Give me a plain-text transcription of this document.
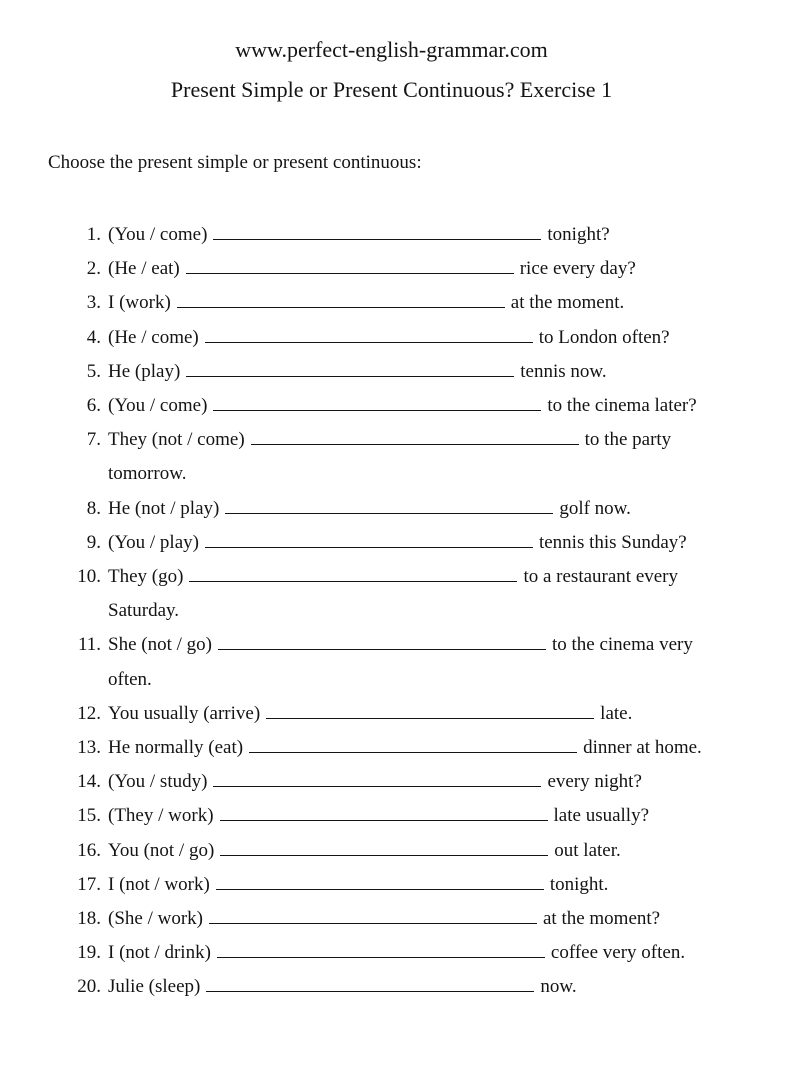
www.perfect-english-grammar.com
Present Simple or Present Continuous? Exercise 1
Choose the present simple or present continuous:
1. (You / come)	tonight?
2. (He / eat)	rice every day?
3. I (work)	at the moment.
4. (He / come)	to London often?
5. He (play)	tennis now.
6. (You / come)	to the cinema later?
7. They (not / come)	to the party tomorrow.
8. He (not / play)	golf now.
9. (You / play)	tennis this Sunday?
10. They (go)	to a restaurant every Saturday.
11. She (not / go)	to the cinema very often.
12. You usually (arrive)	late.
13. He normally (eat)	dinner at home.
14. (You / study)	every night?
15. (They / work)	late usually?
16. You (not / go)	out later.
17. I (not / work)	tonight.
18. (She / work)	at the moment?
19. I (not / drink)	coffee very often.
20. Julie (sleep)	now.
